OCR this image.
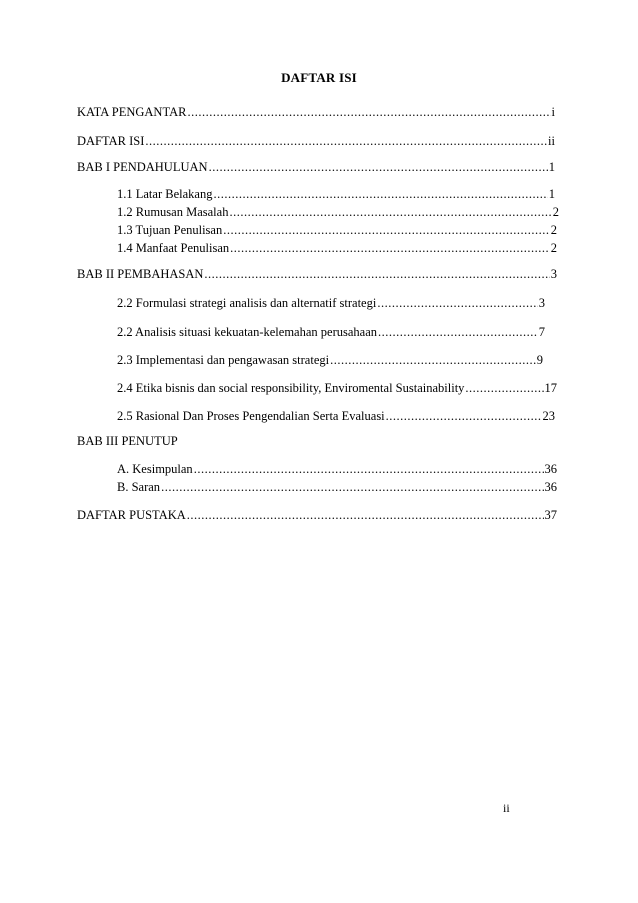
DAFTAR ISI
KATA PENGANTAR .....	i
DAFTAR ISI .....	ii
BAB I PENDAHULUAN .....	1
1.1 Latar Belakang .....	1
1.2 Rumusan Masalah .....	2
1.3 Tujuan Penulisan .....	2
1.4 Manfaat Penulisan .....	2
BAB II PEMBAHASAN .....	3
2.2 Formulasi strategi analisis dan alternatif strategi .....	3
2.2 Analisis situasi kekuatan-kelemahan perusahaan .....	7
2.3 Implementasi dan pengawasan strategi .....	9
2.4 Etika bisnis dan social responsibility, Enviromental Sustainability .....	17
2.5 Rasional Dan Proses Pengendalian Serta Evaluasi .....	23
BAB III PENUTUP
A. Kesimpulan .....	36
B. Saran .....	36
DAFTAR PUSTAKA .....	37
ii
